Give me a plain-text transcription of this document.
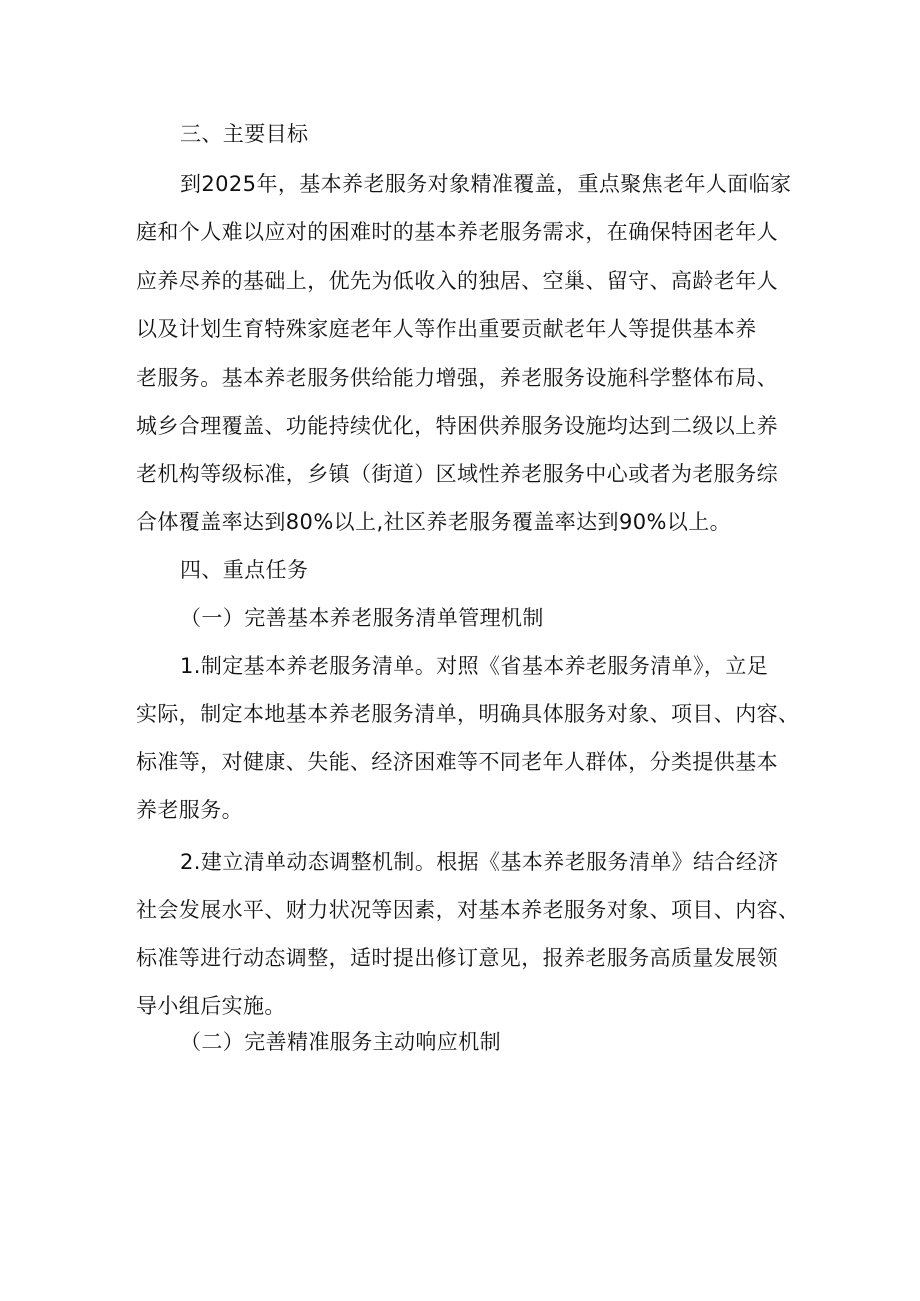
三、主要目标
到2025年，基本养老服务对象精准覆盖，重点聚焦老年人面临家
庭和个人难以应对的困难时的基本养老服务需求，在确保特困老年人
应养尽养的基础上，优先为低收入的独居、空巢、留守、高龄老年人
以及计划生育特殊家庭老年人等作出重要贡献老年人等提供基本养
老服务。基本养老服务供给能力增强，养老服务设施科学整体布局、
城乡合理覆盖、功能持续优化，特困供养服务设施均达到二级以上养
老机构等级标准，乡镇（街道）区域性养老服务中心或者为老服务综
合体覆盖率达到80%以上,社区养老服务覆盖率达到90%以上。
四、重点任务
（一）完善基本养老服务清单管理机制
1.制定基本养老服务清单。对照《省基本养老服务清单》，立足
实际，制定本地基本养老服务清单，明确具体服务对象、项目、内容、
标准等，对健康、失能、经济困难等不同老年人群体，分类提供基本
养老服务。
2.建立清单动态调整机制。根据《基本养老服务清单》结合经济
社会发展水平、财力状况等因素，对基本养老服务对象、项目、内容、
标准等进行动态调整，适时提出修订意见，报养老服务高质量发展领
导小组后实施。
（二）完善精准服务主动响应机制
